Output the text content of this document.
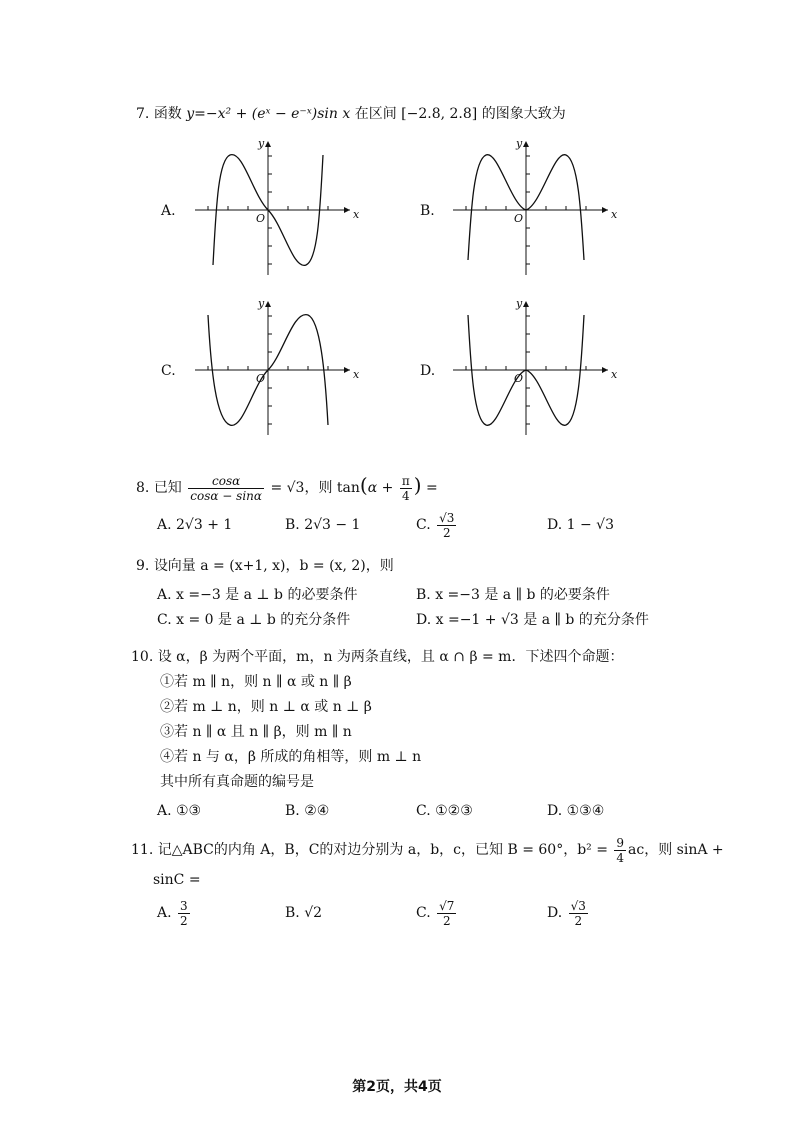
7. 函数 y=−x² + (eˣ − e⁻ˣ)sin x 在区间 [−2.8, 2.8] 的图象大致为
A.	B.
C.	D.
x
y
O	x
y
O
x
y
O	x
y
O
8. 已知 $\frac{\cos\alpha}{\cos\alpha - \sin\alpha} = √3$，则 $\tan(\alpha + \frac{\pi}{4}$ ) =
A. 2√3 + 1	B. 2√3 − 1	C. $\frac{√3}{2}$	D. 1 − √3
9. 设向量 a = (x+1, x)，b = (x, 2)，则
A. x =−3 是 a ⊥ b 的必要条件	B. x =−3 是 a ∥ b 的必要条件
C. x = 0 是 a ⊥ b 的充分条件	D. x =−1 + √3 是 a ∥ b 的充分条件
10. 设 α，β 为两个平面，m，n 为两条直线，且 α ∩ β = m．下述四个命题：
①若 m ∥ n，则 n ∥ α 或 n ∥ β
②若 m ⊥ n，则 n ⊥ α 或 n ⊥ β
③若 n ∥ α 且 n ∥ β，则 m ∥ n
④若 n 与 α，β 所成的角相等，则 m ⊥ n
其中所有真命题的编号是
A. ①③	B. ②④	C. ①②③	D. ①③④
11. 记△ABC的内角 A，B，C的对边分别为 a，b，c，已知 B = 60°，$b^2 = \frac{9}{4}$ ac，则 sinA +
sinC =
A. $\frac{3}{2}$	B. √2	C. $\frac{√7}{2}$	D. $\frac{√3}{2}$
第2页，共4页
